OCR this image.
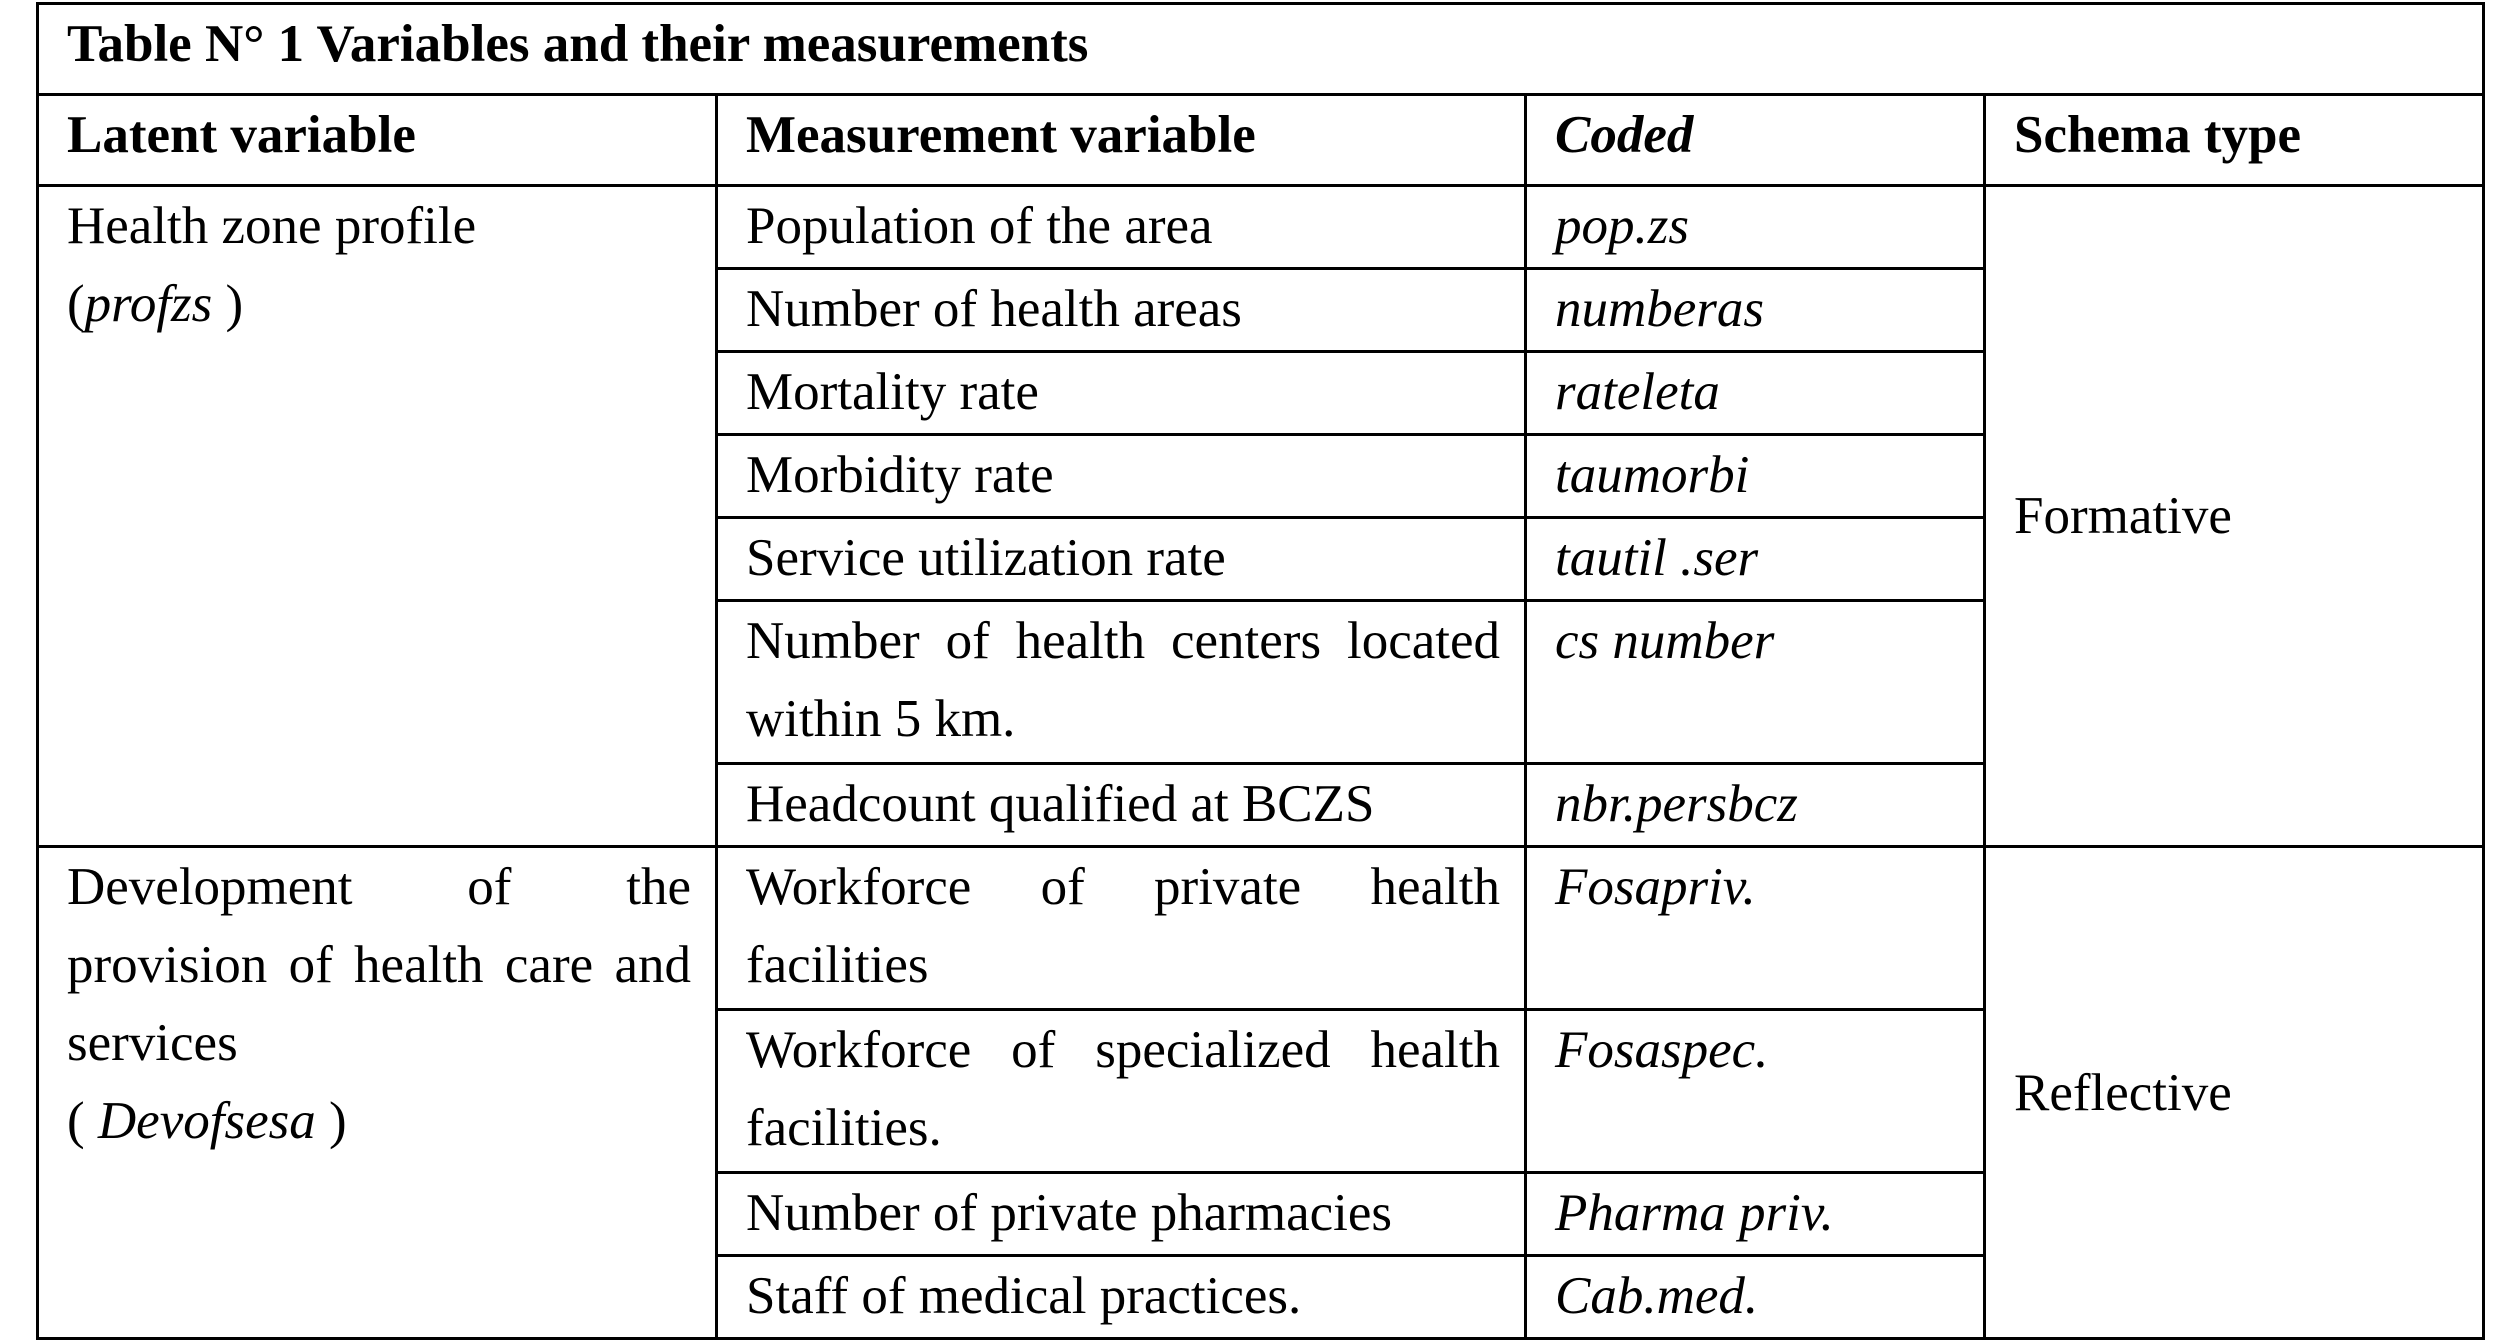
Table N° 1 Variables and their measurements			
Latent variable	Measurement variable	Coded	Schema type
Health zone profile
(profzs )	Population of the area	pop.zs	Formative
	Number of health areas	numberas	
	Mortality rate	rateleta	
	Morbidity rate	taumorbi	
	Service utilization rate	tautil .ser	
	Number of health centers located within 5 km.	cs number	
	Headcount qualified at BCZS	nbr.persbcz	

Development of the provision of health care and services
( Devofsesa )	Workforce of private health facilities	Fosapriv.	Reflective
	Workforce of specialized health facilities.	Fosaspec.	
	Number of private pharmacies	Pharma priv.	
	Staff of medical practices.	Cab.med.	
